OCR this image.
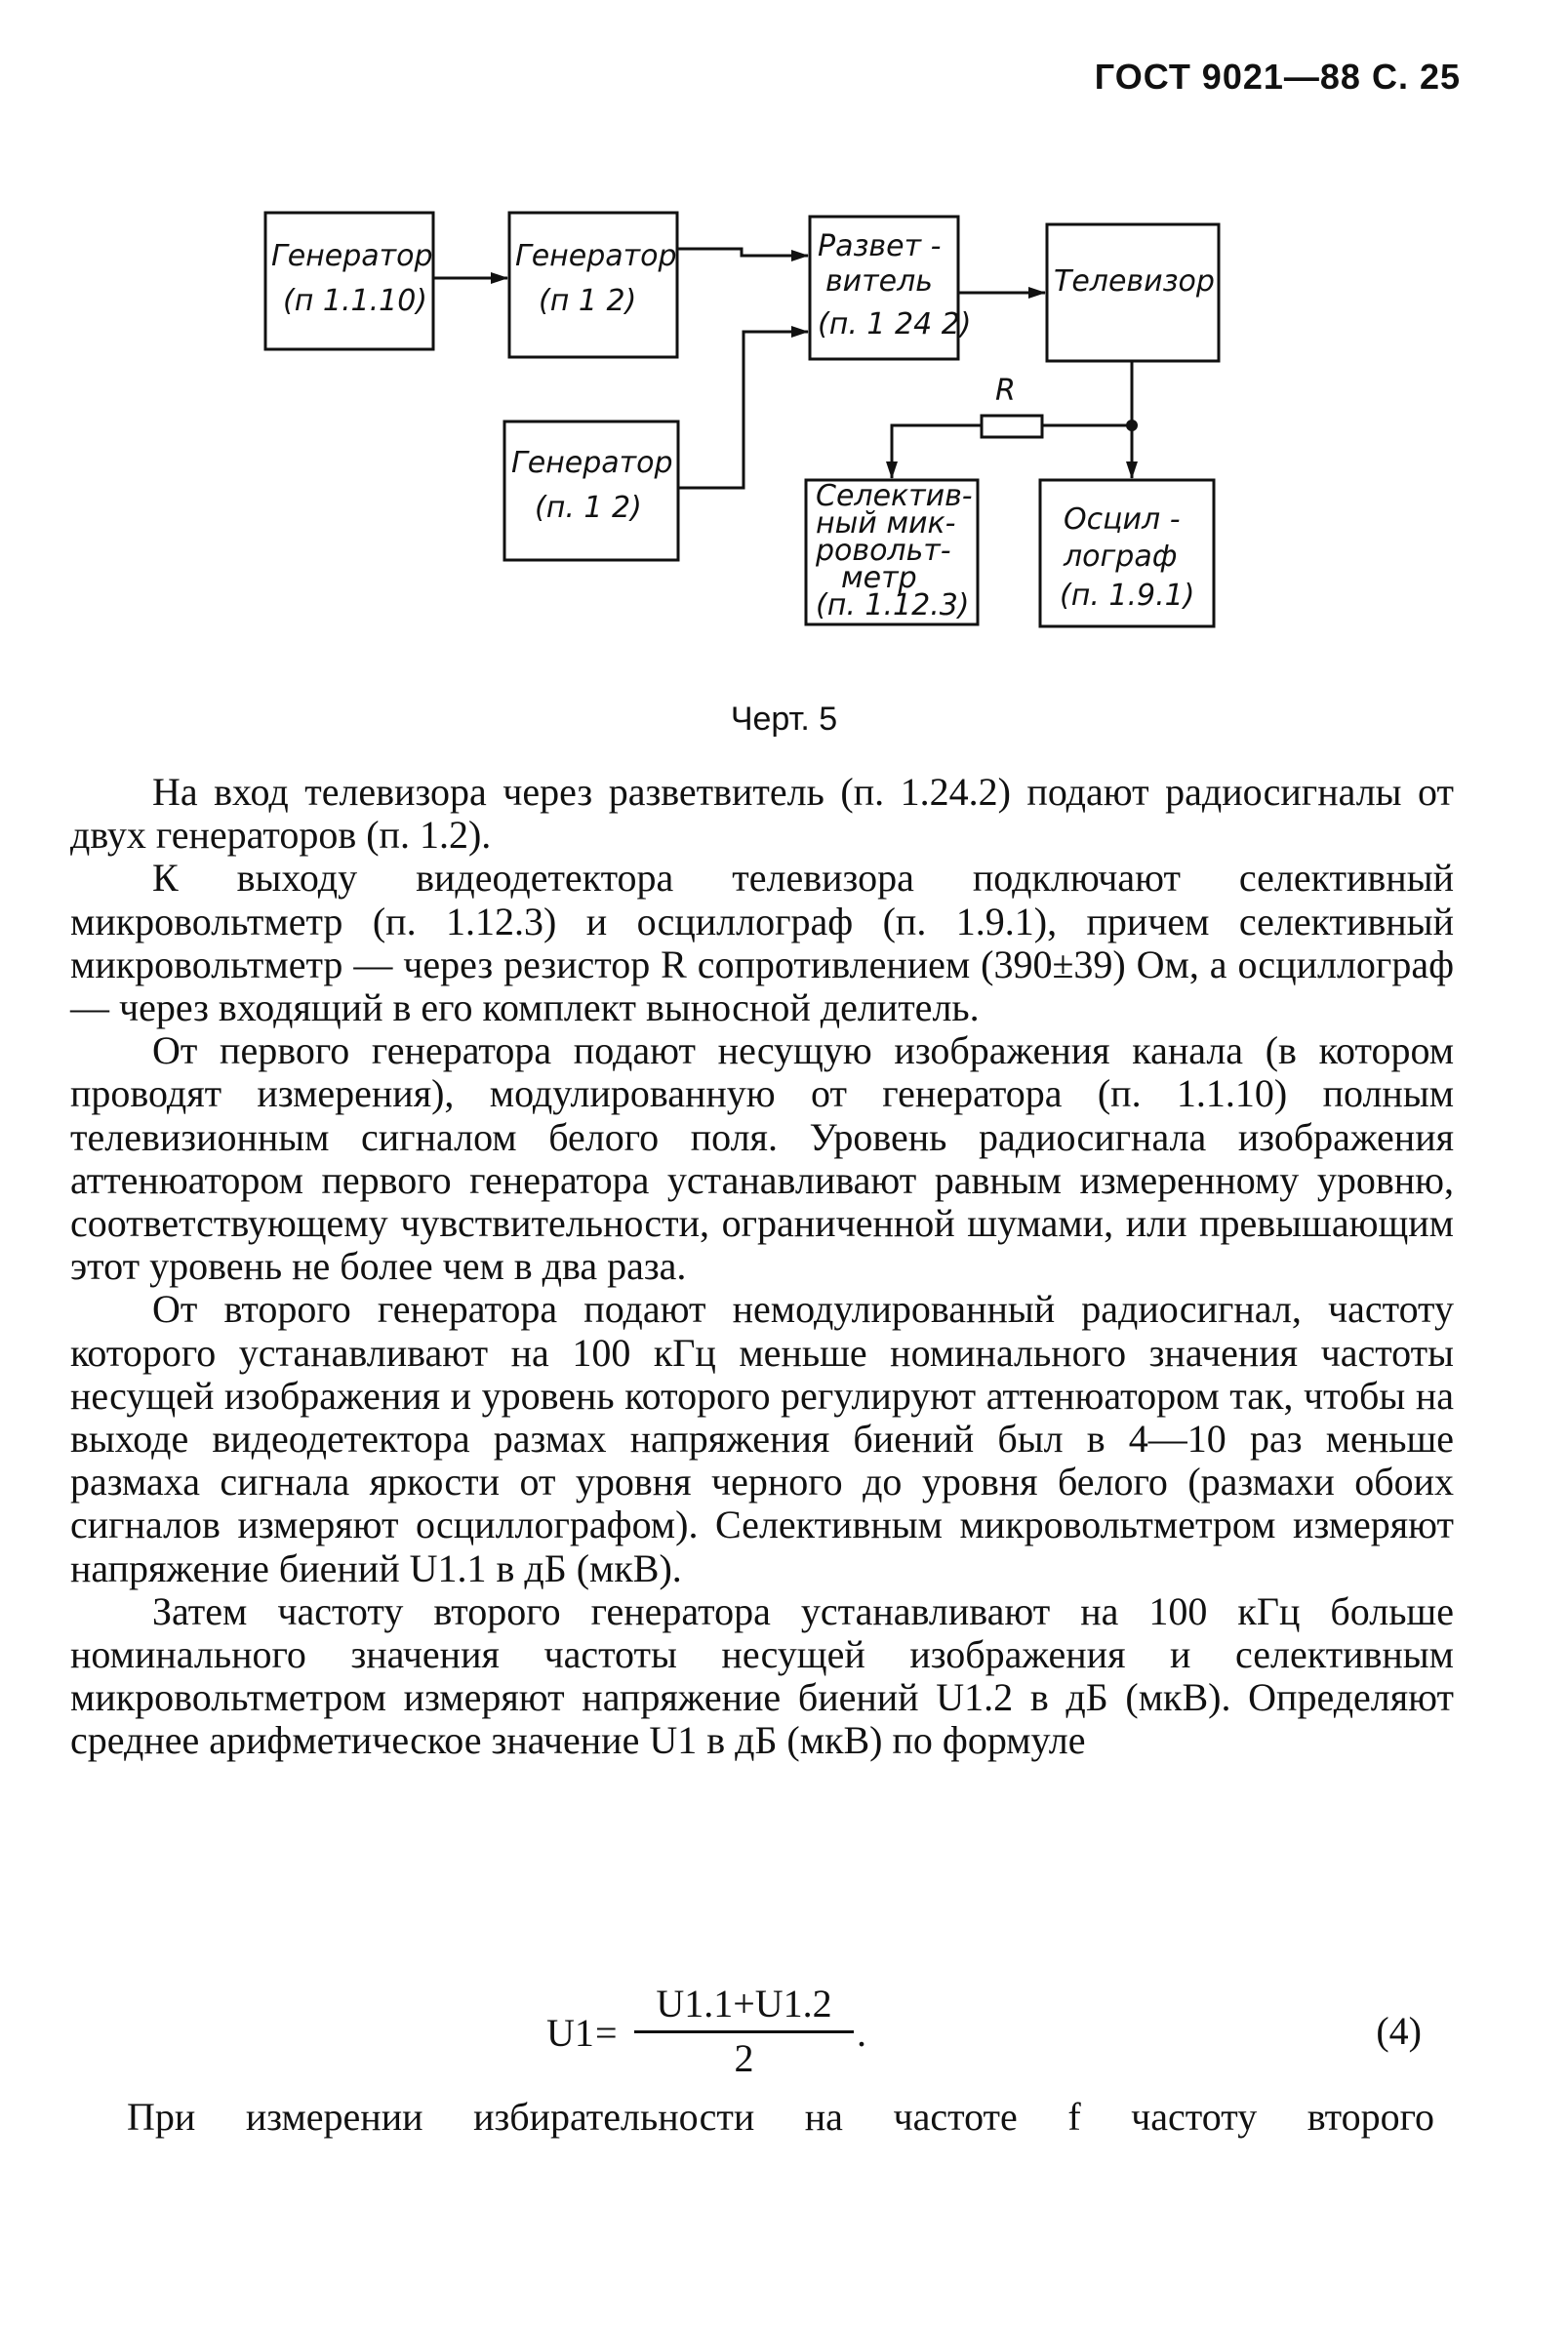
ГОСТ 9021—88 С. 25
Генератор
(п 1.1.10)
Генератор
(п 1 2)
Генератор
(п. 1 2)
Развет -
витель
(п. 1 24 2)
Телевизор
Селектив-
ный мик-
ровольт-
метр
(п. 1.12.3)
Осцил -
лограф
(п. 1.9.1)
R
Черт. 5

На вход телевизора через разветвитель (п. 1.24.2) подают радиосигналы от двух генераторов (п. 1.2).

К выходу видеодетектора телевизора подключают селективный микровольтметр (п. 1.12.3) и осциллограф (п. 1.9.1), причем селективный микровольтметр — через резистор R сопротивлением (390±39) Ом, а осциллограф — через входящий в его комплект выносной делитель.

От первого генератора подают несущую изображения канала (в котором проводят измерения), модулированную от генератора (п. 1.1.10) полным телевизионным сигналом белого поля. Уровень радиосигнала изображения аттенюатором первого генератора устанавливают равным измеренному уровню, соответствующему чувствительности, ограниченной шумами, или превышающим этот уровень не более чем в два раза.

От второго генератора подают немодулированный радиосигнал, частоту которого устанавливают на 100 кГц меньше номинального значения частоты несущей изображения и уровень которого регулируют аттенюатором так, чтобы на выходе видеодетектора размах напряжения биений был в 4—10 раз меньше размаха сигнала яркости от уровня черного до уровня белого (размахи обоих сигналов измеряют осциллографом). Селективным микровольтметром измеряют напряжение биений U1.1 в дБ (мкВ).

Затем частоту второго генератора устанавливают на 100 кГц больше номинального значения частоты несущей изображения и селективным микровольтметром измеряют напряжение биений U1.2 в дБ (мкВ). Определяют среднее арифметическое значение U1 в дБ (мкВ) по формуле

$U1 = \frac{U1.1+U1.2}{2}$ .	(4)
При измерении избирательности на частоте f частоту второго
